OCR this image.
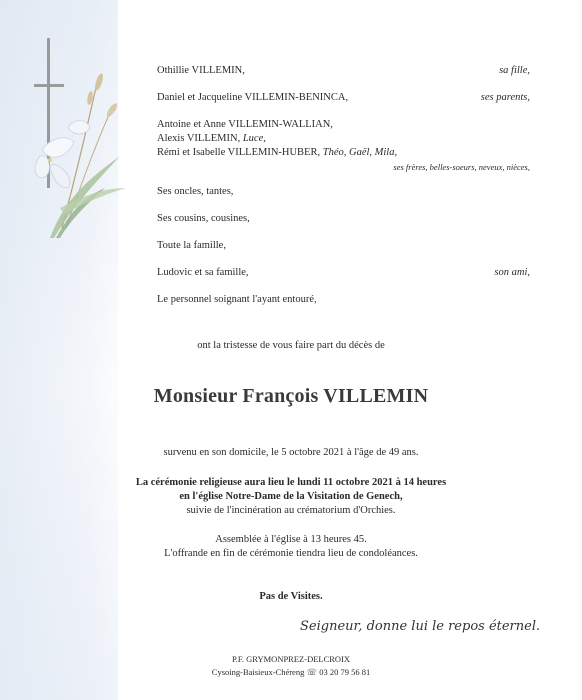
Othillie VILLEMIN,	sa fille,
Daniel et Jacqueline VILLEMIN-BENINCA,	ses parents,
Antoine et Anne VILLEMIN-WALLIAN,
Alexis VILLEMIN, Luce,
Rémi et Isabelle VILLEMIN-HUBER, Théo, Gaël, Mila,
ses frères, belles-soeurs, neveux, nièces,
Ses oncles, tantes,
Ses cousins, cousines,
Toute la famille,
Ludovic et sa famille,	son ami,
Le personnel soignant l'ayant entouré,
ont la tristesse de vous faire part du décès de
Monsieur François VILLEMIN
survenu en son domicile, le 5 octobre 2021 à l'âge de 49 ans.
La cérémonie religieuse aura lieu le lundi 11 octobre 2021 à 14 heures
en l'église Notre-Dame de la Visitation de Genech,
suivie de l'incinération au crématorium d'Orchies.
Assemblée à l'église à 13 heures 45.
L'offrande en fin de cérémonie tiendra lieu de condoléances.
Pas de Visites.
Seigneur, donne lui le repos éternel.
P.F. GRYMONPREZ-DELCROIX
Cysoing-Baisieux-Chéreng ☏ 03 20 79 56 81
